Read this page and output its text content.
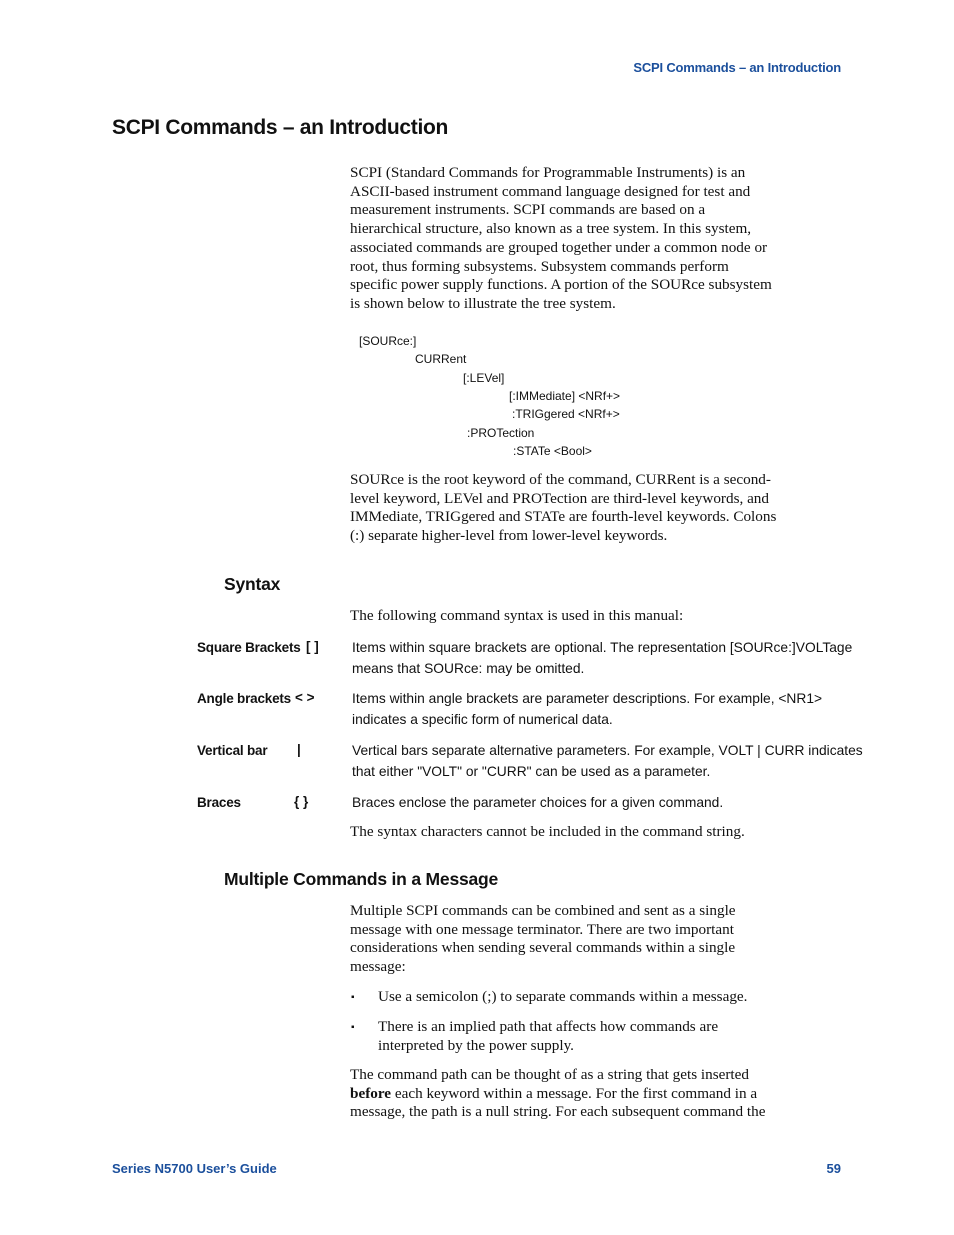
SCPI Commands – an Introduction
SCPI Commands – an Introduction

SCPI (Standard Commands for Programmable Instruments) is an

ASCII-based instrument command language designed for test and

measurement instruments. SCPI commands are based on a

hierarchical structure, also known as a tree system. In this system,

associated commands are grouped together under a common node or

root, thus forming subsystems. Subsystem commands perform

specific power supply functions. A portion of the SOURce subsystem

is shown below to illustrate the tree system.

[SOURce:]
CURRent
[:LEVel]
[:IMMediate] <NRf+>
:TRIGgered <NRf+>
:PROTection
:STATe <Bool>

SOURce is the root keyword of the command, CURRent is a second-

level keyword, LEVel and PROTection are third-level keywords, and

IMMediate, TRIGgered and STATe are fourth-level keywords. Colons

(:) separate higher-level from lower-level keywords.

Syntax

The following command syntax is used in this manual:

Square Brackets [ ] Items within square brackets are optional. The representation [SOURce:]VOLTage

means that SOURce: may be omitted.

Angle brackets < >	Items within angle brackets are parameter descriptions. For example, <NR1>

indicates a specific form of numerical data.

Vertical bar |	Vertical bars separate alternative parameters. For example, VOLT | CURR indicates

that either "VOLT" or "CURR" can be used as a parameter.

Braces	{ }	Braces enclose the parameter choices for a given command.

The syntax characters cannot be included in the command string.

Multiple Commands in a Message

Multiple SCPI commands can be combined and sent as a single

message with one message terminator. There are two important

considerations when sending several commands within a single

message:

▪ Use a semicolon (;) to separate commands within a message.

▪ There is an implied path that affects how commands are

interpreted by the power supply.

The command path can be thought of as a string that gets inserted

before each keyword within a message. For the first command in a

message, the path is a null string. For each subsequent command the

Series N5700 User’s Guide	59
